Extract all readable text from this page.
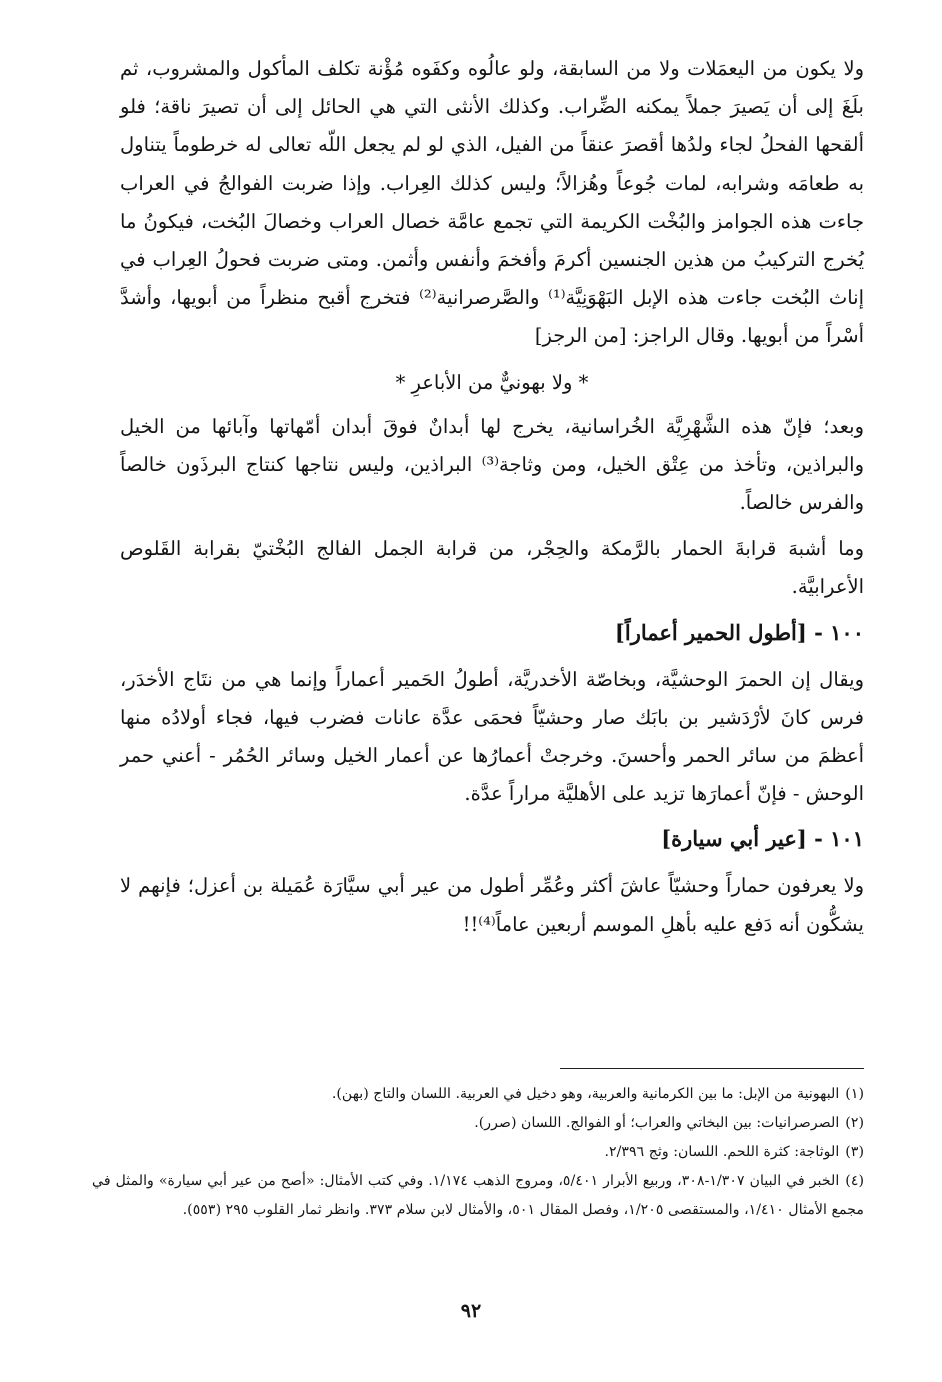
ولا يكون من اليعمَلات ولا من السابقة، ولو عالُوه وكفَوه مُؤْنة تكلف المأكول والمشروب، ثم بلَغَ إلى أن يَصيرَ جملاً يمكنه الضِّراب. وكذلك الأنثى التي هي الحائل إلى أن تصيرَ ناقة؛ فلو ألقحها الفحلُ لجاء ولدُها أقصرَ عنقاً من الفيل، الذي لو لم يجعل اللّه تعالى له خرطوماً يتناول به طعامَه وشرابه، لمات جُوعاً وهُزالاً؛ وليس كذلك العِراب. وإذا ضربت الفوالجُ في العراب جاءت هذه الجوامز والبُخْت الكريمة التي تجمع عامَّة خصال العراب وخصالَ البُخت، فيكونُ ما يُخرج التركيبُ من هذين الجنسين أكرمَ وأفخمَ وأنفس وأثمن. ومتى ضربت فحولُ العِراب في إناث البُخت جاءت هذه الإبل البَهْوَنِيَّة⁽¹⁾ والصَّرصرانية⁽²⁾ فتخرج أقبح منظراً من أبويها، وأشدَّ أسْراً من أبويها. وقال الراجز: [من الرجز]

* ولا بهونيٌّ من الأباعرِ *

وبعد؛ فإنّ هذه الشَّهْرِيَّة الخُراسانية، يخرج لها أبدانٌ فوقَ أبدان أمّهاتها وآبائها من الخيل والبراذين، وتأخذ من عِتْق الخيل، ومن وثاجة⁽³⁾ البراذين، وليس نتاجها كنتاج البرذَون خالصاً والفرس خالصاً.

وما أشبهَ قرابةَ الحمار بالرَّمكة والحِجْر، من قرابة الجمل الفالج البُخْتيّ بقرابة القَلوص الأعرابيَّة.

١٠٠ - [أطول الحمير أعماراً]

ويقال إن الحمرَ الوحشيَّة، وبخاصّة الأخدريَّة، أطولُ الحَمير أعماراً وإنما هي من نتَاج الأخدَر، فرس كانَ لأرْدَشير بن بابَك صار وحشيّاً فحمَى عدَّة عانات فضرب فيها، فجاء أولادُه منها أعظمَ من سائر الحمر وأحسنَ. وخرجتْ أعمارُها عن أعمار الخيل وسائر الحُمُر - أعني حمر الوحش - فإنّ أعمارَها تزيد على الأهليَّة مراراً عدَّة.

١٠١ - [عير أبي سيارة]

ولا يعرفون حماراً وحشيّاً عاشَ أكثر وعُمِّر أطول من عير أبي سيَّارَة عُمَيلة بن أعزل؛ فإنهم لا يشكُّون أنه دَفع عليه بأهلِ الموسم أربعين عاماً⁽⁴⁾!!

(١)البهونية من الإبل: ما بين الكرمانية والعربية، وهو دخيل في العربية. اللسان والتاج (بهن).

(٢)الصرصرانيات: بين البخاتي والعراب؛ أو الفوالج. اللسان (صرر).

(٣)الوثاجة: كثرة اللحم. اللسان: وثج ٢/٣٩٦.

(٤)الخبر في البيان ١/٣٠٧-٣٠٨، وربيع الأبرار ٥/٤٠١، ومروج الذهب ١/١٧٤. وفي كتب الأمثال: «أصح من عير أبي سيارة» والمثل في مجمع الأمثال ١/٤١٠، والمستقصى ١/٢٠٥، وفصل المقال ٥٠١، والأمثال لابن سلام ٣٧٣. وانظر ثمار القلوب ٢٩٥ (٥٥٣).

٩٢
